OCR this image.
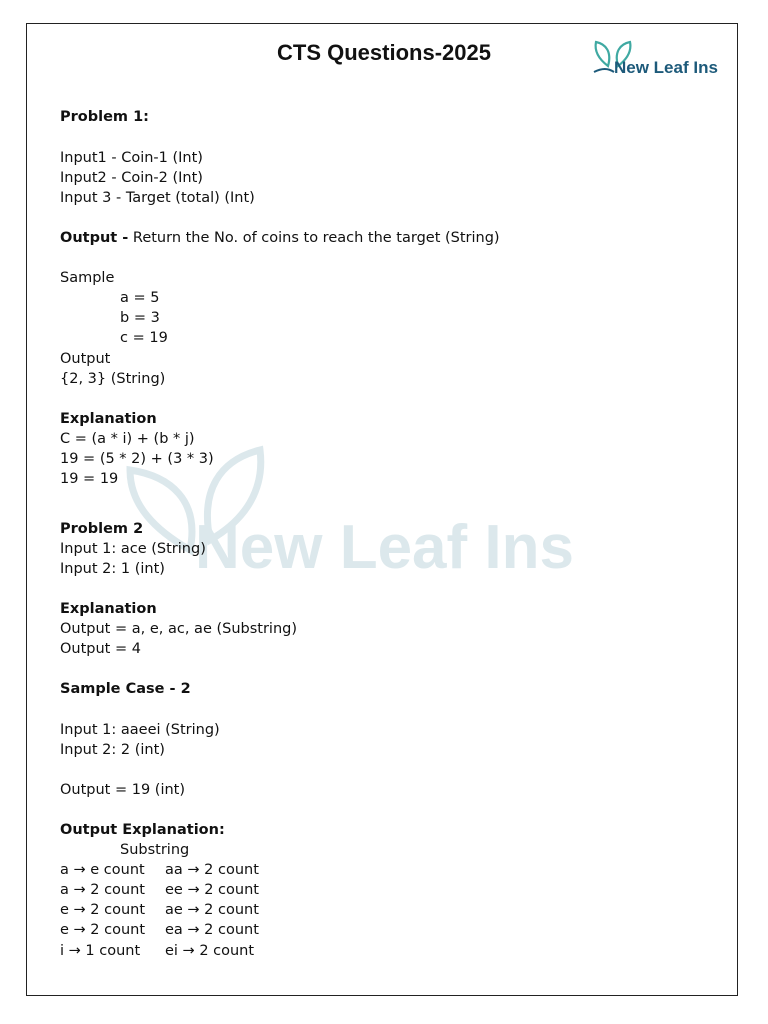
CTS Questions-2025
New Leaf Ins
New Leaf Ins
Problem 1:
Input1 - Coin-1 (Int)
Input2 - Coin-2 (Int)
Input 3 - Target (total) (Int)
Output - Return the No. of coins to reach the target (String)
Sample
a = 5
b = 3
c = 19
Output
{2, 3} (String)
Explanation
C = (a * i) + (b * j)
19 = (5 * 2) + (3 * 3)
19 = 19
Problem 2
Input 1: ace (String)
Input 2: 1 (int)
Explanation
Output = a, e, ac, ae (Substring)
Output = 4
Sample Case - 2
Input 1: aaeei (String)
Input 2: 2 (int)
Output = 19 (int)
Output Explanation:
Substring
a → e count aa → 2 count
a → 2 count ee → 2 count
e → 2 count ae → 2 count
e → 2 count ea → 2 count
i → 1 count ei → 2 count
